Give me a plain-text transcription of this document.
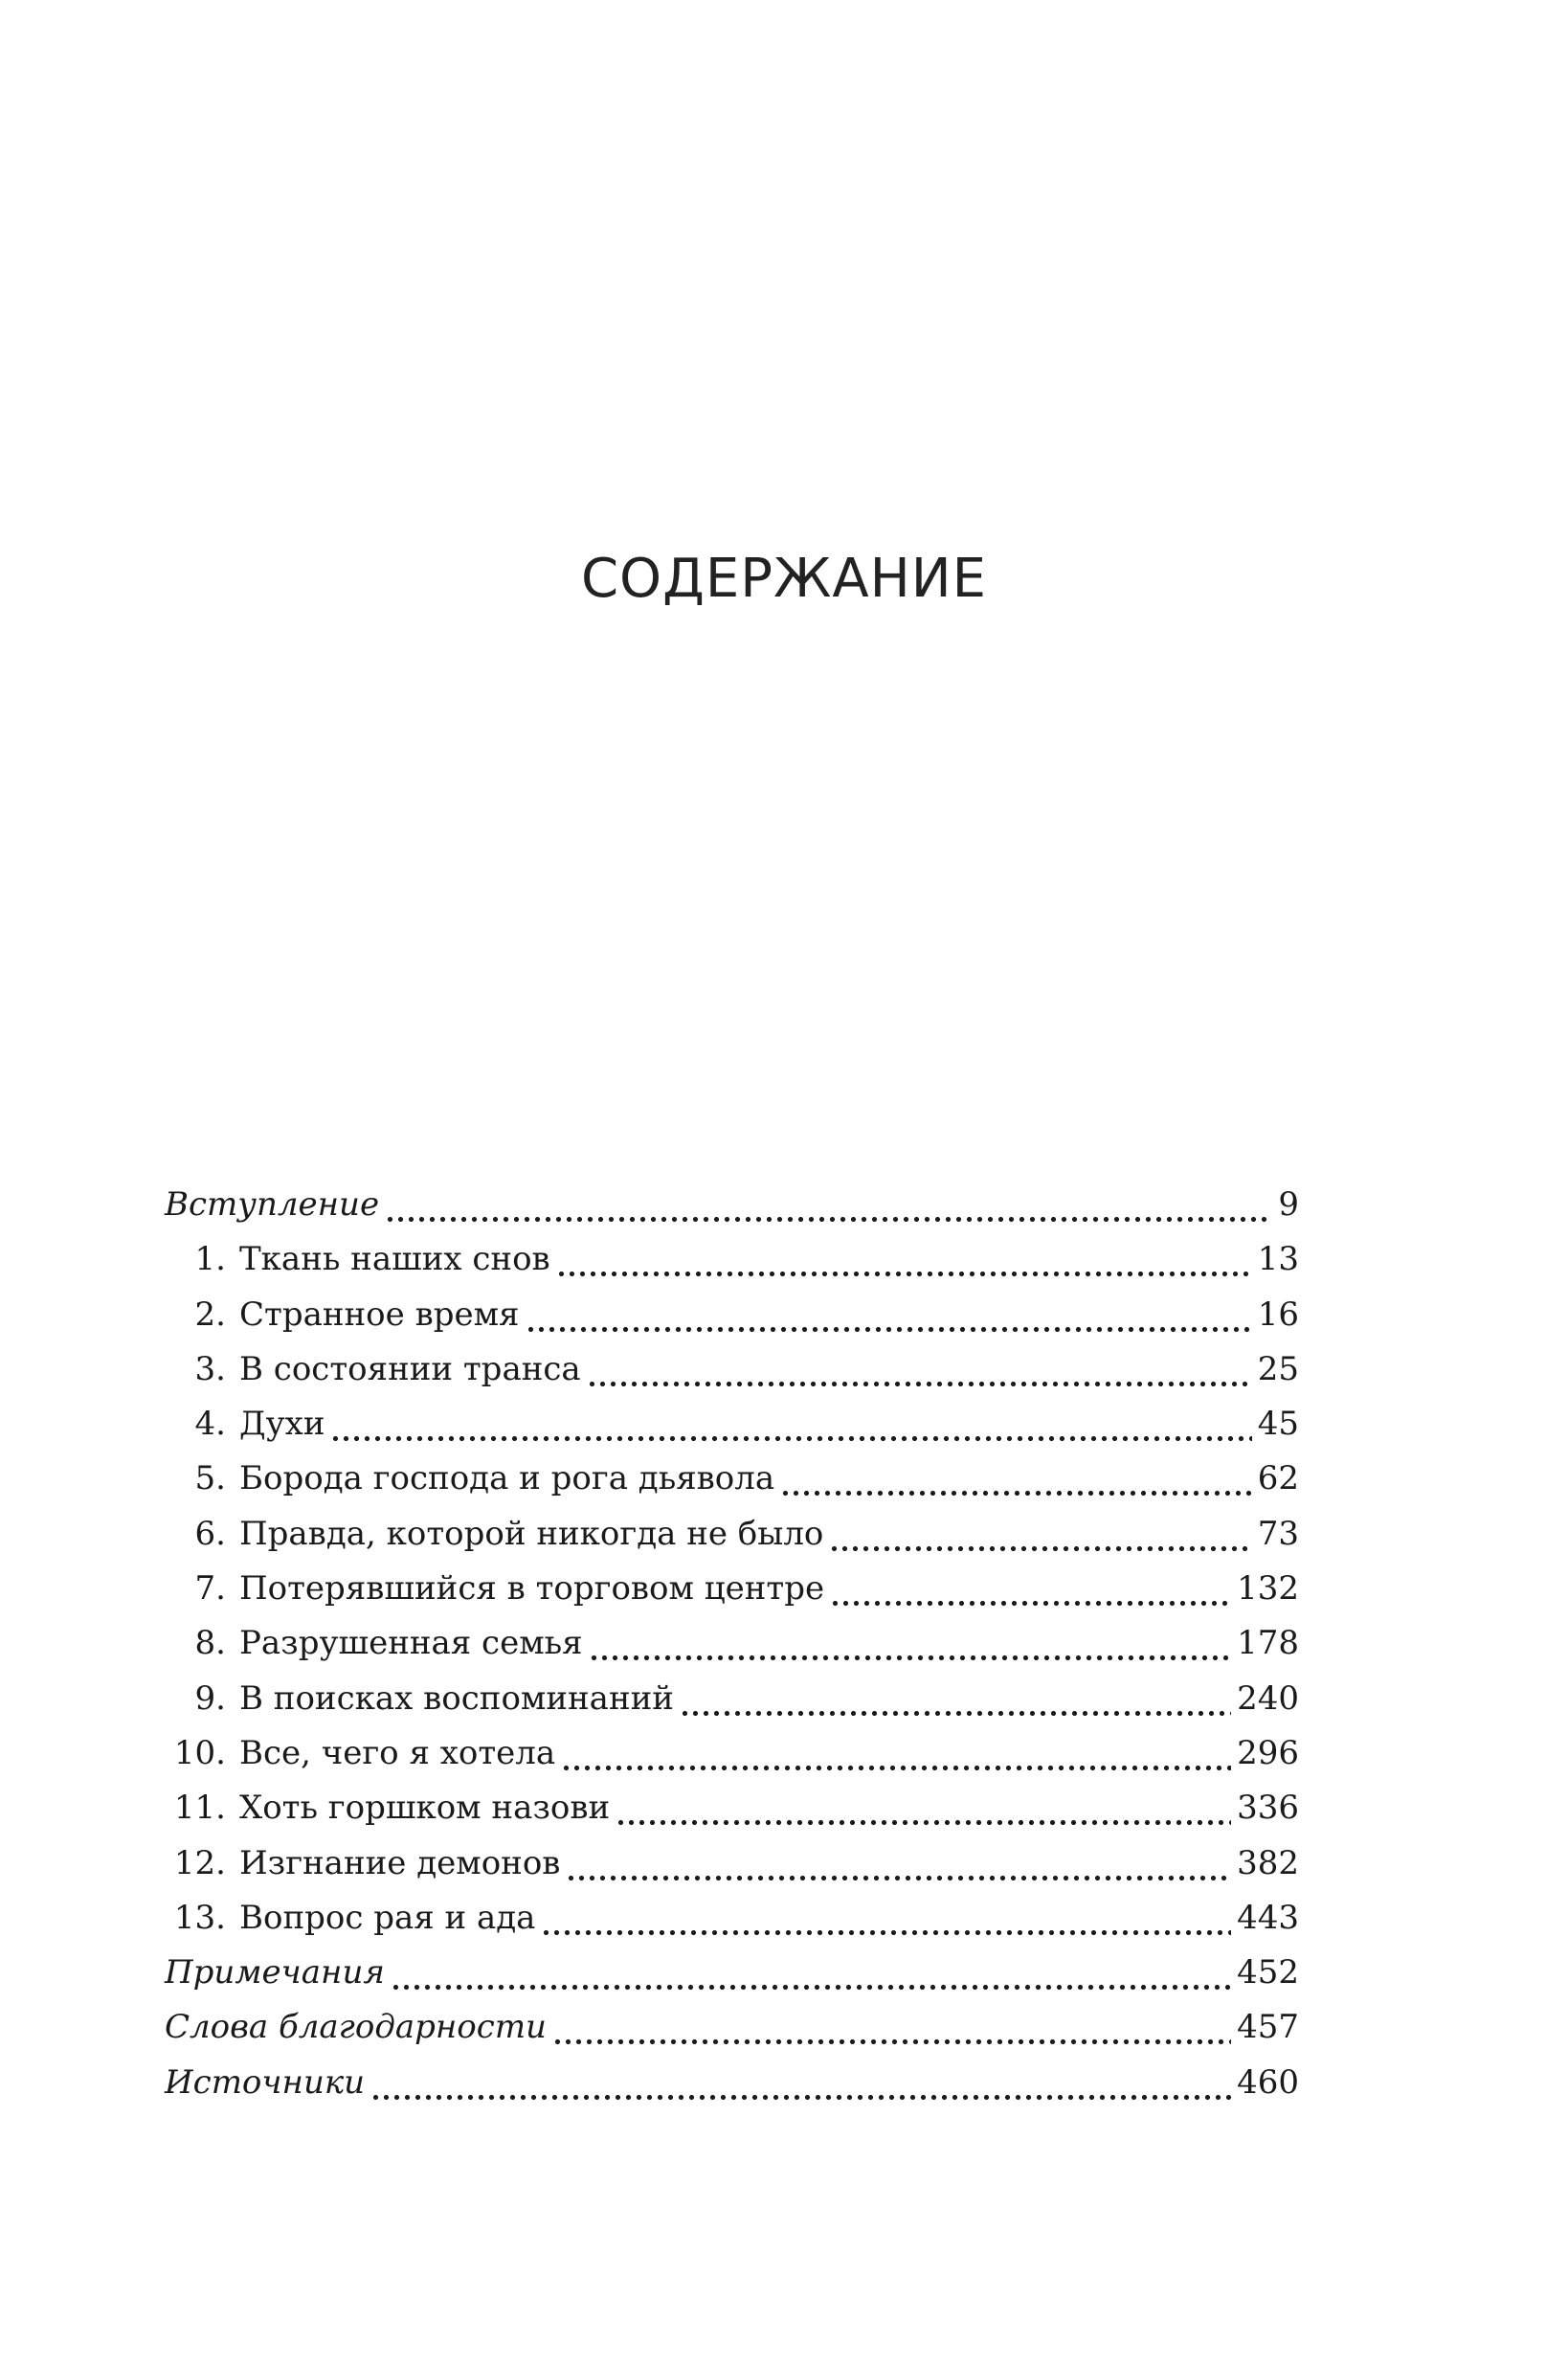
СОДЕРЖАНИЕ
Вступление	9
1. Ткань наших снов	13
2. Странное время	16
3. В состоянии транса	25
4. Духи	45
5. Борода господа и рога дьявола	62
6. Правда, которой никогда не было	73
7. Потерявшийся в торговом центре	132
8. Разрушенная семья	178
9. В поисках воспоминаний	240
10. Все, чего я хотела	296
11. Хоть горшком назови	336
12. Изгнание демонов	382
13. Вопрос рая и ада	443
Примечания	452
Слова благодарности	457
Источники	460
